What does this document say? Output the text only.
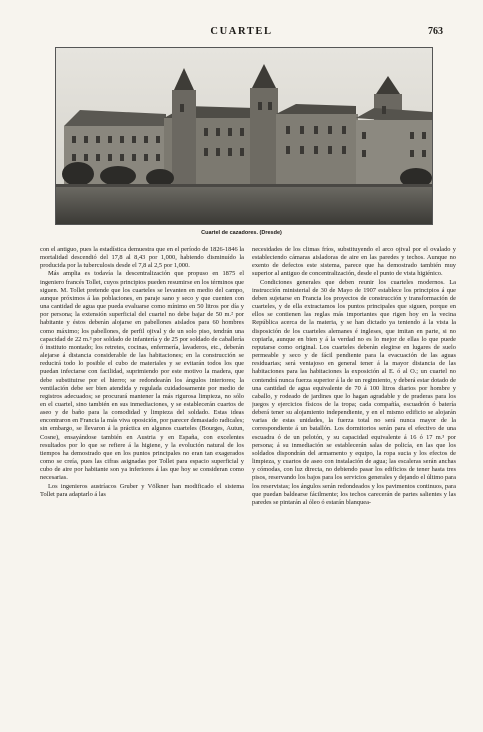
CUARTEL	763
Cuartel de cazadores. (Dresde)

con el antiguo, pues la estadística demuestra que en el período de 1826-1846 la mortalidad descendió del 17,8 al 8,43 por 1,000, habiendo disminuído la producida por la tuberculosis desde el 7,8 al 2,5 por 1,000.

Más amplia es todavía la descentralización que propuso en 1875 el ingeniero francés Tollet, cuyos principios pueden resumirse en los términos que siguen. M. Tollet pretende que los cuarteles se levanten en medio del campo, aunque próximos á las poblaciones, en paraje sano y seco y que cuenten con una cantidad de agua que pueda evaluarse como mínimo en 50 litros por día y por persona; la extensión superficial del cuartel no debe bajar de 50 m.² por habitante y éstos deberán alojarse en pabellones aislados para 60 hombres como máximo; los pabellones, de perfil ojival y de un solo piso, tendrán una capacidad de 22 m.³ por soldado de infantería y de 25 por soldado de caballería ó instituto montado; los retretes, cocinas, enfermería, lavaderos, etc., deberán alejarse á distancia considerable de las habitaciones; en la construcción se reducirá todo lo posible el cubo de materiales y se evitarán todos los que puedan infectarse con facilidad, suprimiendo por este motivo la madera, que debe substituirse por el hierro; se redondearán los ángulos interiores; la ventilación debe ser bien atendida y regulada cuidadosamente por medio de registros adecuados; se procurará mantener la más rigurosa limpieza, no sólo en el cuartel, sino también en sus inmediaciones, y se establecerán cuartos de aseo y de baño para la comodidad y limpieza del soldado. Estas ideas encontraron en Francia la más viva oposición, por parecer demasiado radicales; sin embargo, se llevaron á la práctica en algunos cuarteles (Bourges, Autun, Cosne), ensayándose también en Austria y en España, con excelentes resultados por lo que se refiere á la higiene, y la evolución natural de los tiempos ha demostrado que en los puntos principales no eran tan exagerados como se creía, pues las cifras asignadas por Tollet para espacio superficial y cubo de aire por habitante son ya inferiores á las que hoy se consideran como necesarias.

Los ingenieros austríacos Gruber y Völkner han modificado el sistema Tollet para adaptarlo á las

necesidades de los climas fríos, substituyendo el arco ojival por el ovalado y estableciendo cámaras aisladoras de aire en las paredes y techos. Aunque no exento de defectos este sistema, parece que ha demostrado también muy superior al antiguo de concentralización, desde el punto de vista higiénico.

Condiciones generales que deben reunir los cuarteles modernos. La instrucción ministerial de 30 de Mayo de 1907 establece los principios á que deben sujetarse en Francia los proyectos de construcción y transformación de cuarteles, y de ella extractamos los puntos principales que siguen, porque en ellos se contienen las reglas más importantes que rigen hoy en la vecina República acerca de la materia, y se han dictado ya teniendo á la vista la disposición de los cuarteles alemanes é ingleses, que imitan en parte, si no copiarla, aunque en bien y á la verdad no es lo mejor de ellas lo que puede reputarse como original. Los cuarteles deberán elegirse en lugares de suelo permeable y seco y de fácil pendiente para la evacuación de las aguas residuarias; será ventajoso en general tener á la mayor distancia de las habitaciones para las habitaciones la exposición al E. ó al O.; un cuartel no contendrá nunca fuerza superior á la de un regimiento, y deberá estar dotado de una cantidad de agua equivalente de 70 á 100 litros diarios por hombre y caballo, y rodeado de jardines que lo hagan agradable y de praderas para los juegos y ejercicios físicos de la tropa; cada compañía, escuadrón ó batería deberá tener su alojamiento independiente, y en el mismo edificio se alojarán varias de estas unidades, la fuerza total no será nunca mayor de la correspondiente á un batallón. Los dormitorios serán para el efectivo de una escuadra ó de un pelotón, y su capacidad equivalente á 16 ó 17 m.³ por persona; á su inmediación se establecerán salas de policía, en las que los soldados dispondrán del armamento y equipo, la ropa sucia y los efectos de limpieza, y cuartos de aseo con instalación de agua; las escaleras serán anchas y cómodas, con luz directa, no debiendo pasar los edificios de tener hasta tres pisos, reservando los bajos para los servicios generales y dejando el último para los reservistas; los ángulos serán redondeados y los pavimentos continuos, para que puedan baldearse fácilmente; los techos carecerán de partes salientes y las paredes se pintarán al óleo ó estarán blanquea-
